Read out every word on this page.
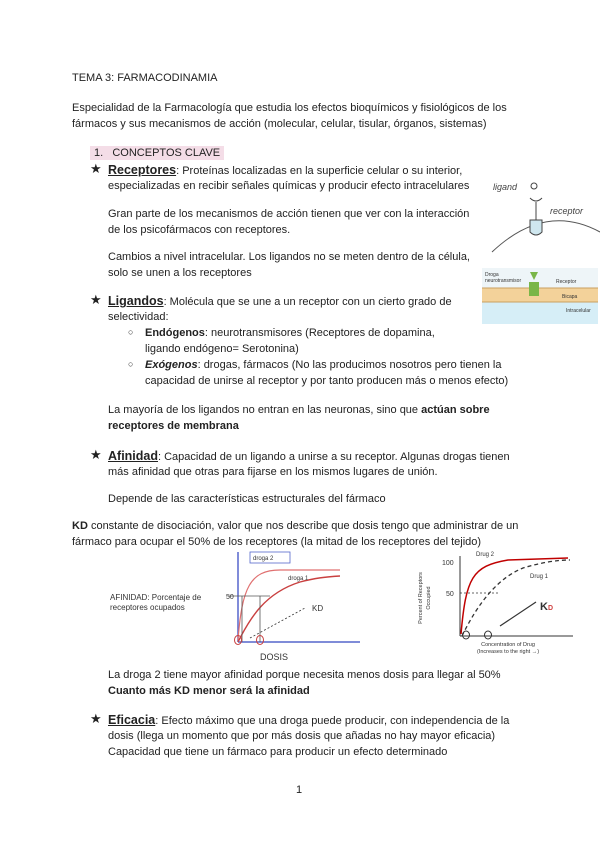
TEMA 3: FARMACODINAMIA
Especialidad de la Farmacología que estudia los efectos bioquímicos y fisiológicos de los
fármacos y sus mecanismos de acción (molecular, celular, tisular, órganos, sistemas)
1. CONCEPTOS CLAVE
★ Receptores: Proteínas localizadas en la superficie celular o su interior,
especializadas en recibir señales químicas y producir efecto intracelulares
Gran parte de los mecanismos de acción tienen que ver con la interacción
de los psicofármacos con receptores.
Cambios a nivel intracelular. Los ligandos no se meten dentro de la célula,
solo se unen a los receptores
ligand
receptor
Droga
neurotransmisor	Receptor
Bicapa
Intracelular
★ Ligandos: Molécula que se une a un receptor con un cierto grado de
selectividad:
○ Endógenos: neurotransmisores (Receptores de dopamina,
ligando endógeno= Serotonina)
○ Exógenos: drogas, fármacos (No las producimos nosotros pero tienen la
capacidad de unirse al receptor y por tanto producen más o menos efecto)
La mayoría de los ligandos no entran en las neuronas, sino que actúan sobre
receptores de membrana
★ Afinidad: Capacidad de un ligando a unirse a su receptor. Algunas drogas tienen
más afinidad que otras para fijarse en los mismos lugares de unión.
Depende de las características estructurales del fármaco
KD constante de disociación, valor que nos describe que dosis tengo que administrar de un
fármaco para ocupar el 50% de los receptores (la mitad de los receptores del tejido)
droga 2
droga 1
50
KD
DOSIS
AFINIDAD: Porcentaje de
receptores ocupados
100
50
Drug 2
Drug 1
KD
Concentration of Drug
(Increases to the right →)
Percent of Receptors Occupied
La droga 2 tiene mayor afinidad porque necesita menos dosis para llegar al 50%
Cuanto más KD menor será la afinidad
★ Eficacia: Efecto máximo que una droga puede producir, con independencia de la
dosis (llega un momento que por más dosis que añadas no hay mayor eficacia)
Capacidad que tiene un fármaco para producir un efecto determinado
1
